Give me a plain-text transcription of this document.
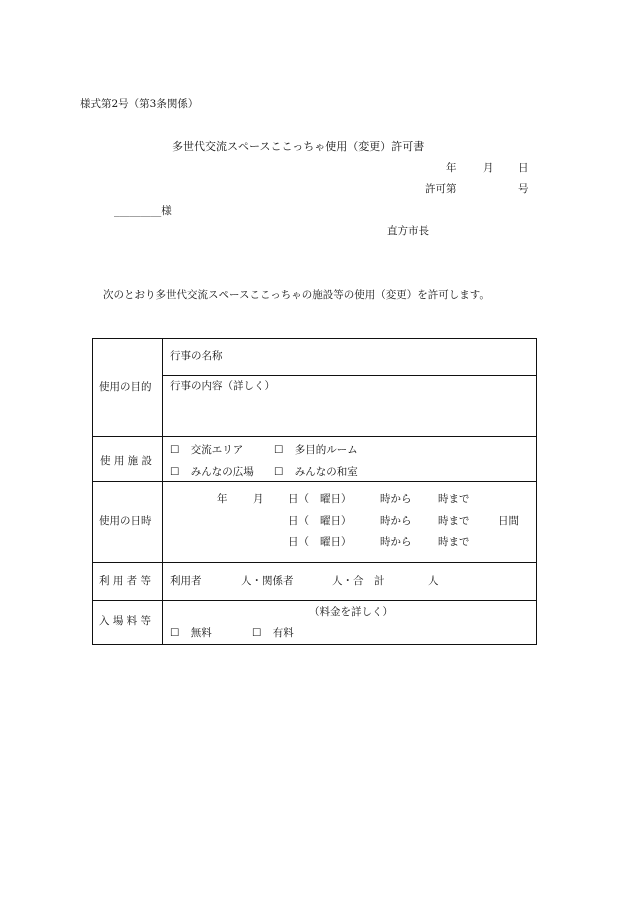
様式第2号（第3条関係）
多世代交流スペースここっちゃ使用（変更）許可書
年	月 日
許可第	号
_________様
直方市長
次のとおり多世代交流スペースここっちゃの施設等の使用（変更）を許可します。
使用の目的
行事の名称
行事の内容（詳しく）
使 用 施 設
☐ 交流エリア	☐ 多目的ルーム
☐ みんなの広場 ☐ みんなの和室
使用の日時
年 月 日（ 曜日）	時から	時まで
日（ 曜日）	時から	時まで	日間
日（ 曜日）	時から	時まで
利 用 者 等 利用者	人・関係者	人・合　計	人
入 場 料 等
（料金を詳しく）
☐ 無料	☐ 有料
